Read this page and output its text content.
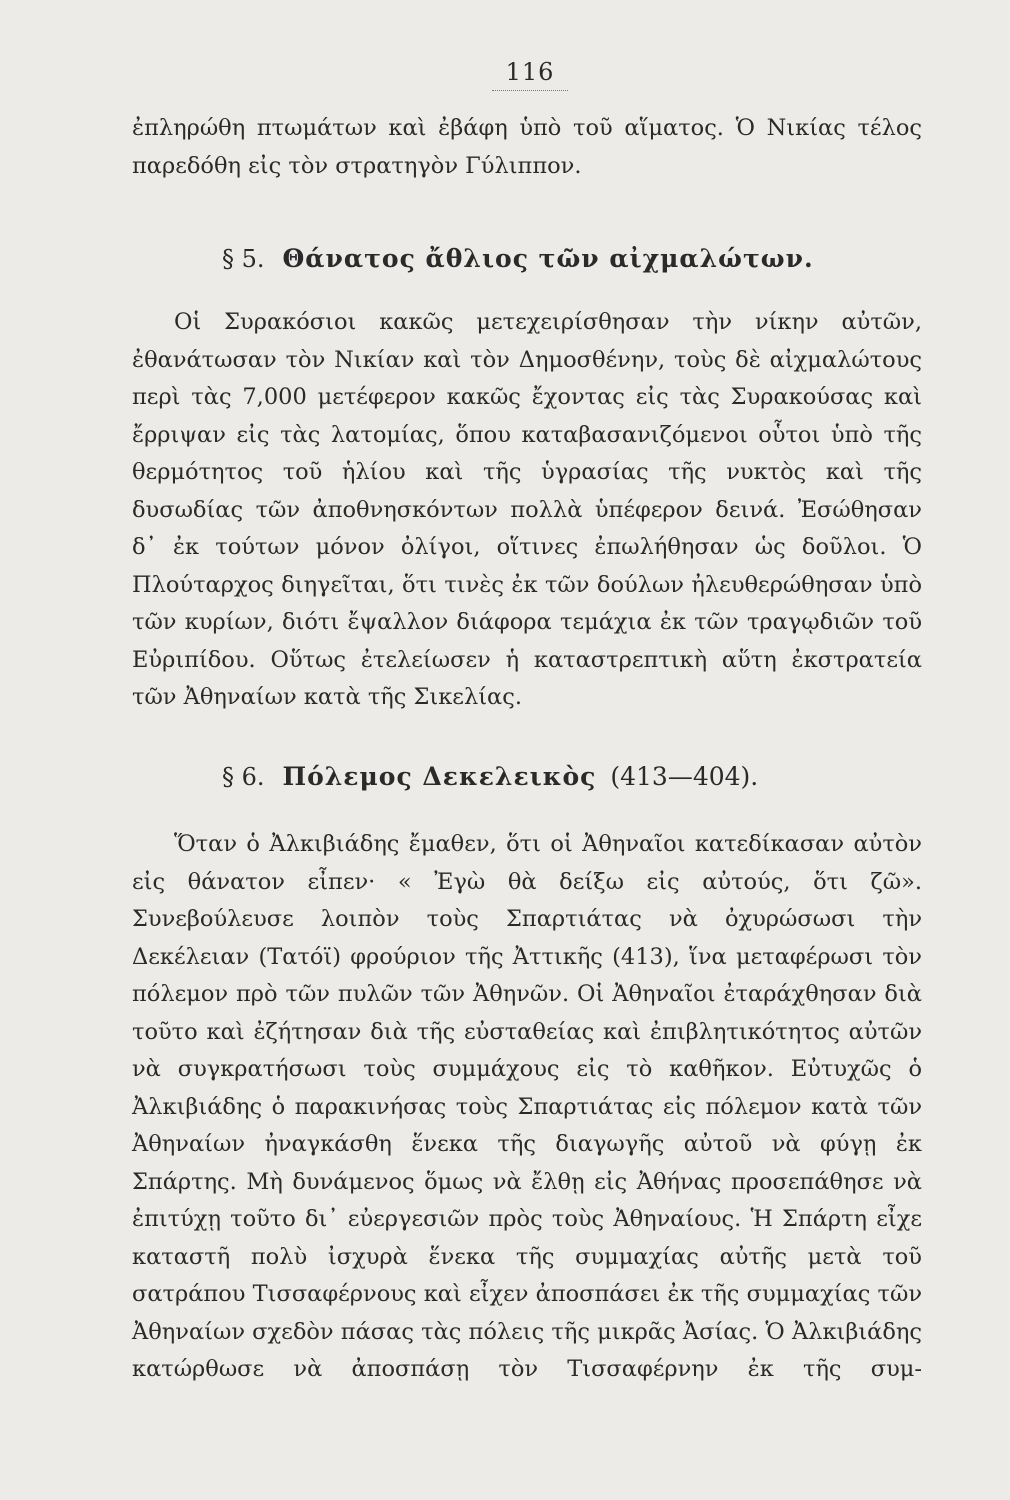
116

ἐπληρώθη πτωμάτων καὶ ἐβάφη ὑπὸ τοῦ αἵματος. Ὁ Νικίας τέλος παρεδόθη εἰς τὸν στρατηγὸν Γύλιππον.

§ 5. Θάνατος ἄθλιος τῶν αἰχμαλώτων.

Οἱ Συρακόσιοι κακῶς μετεχειρίσθησαν τὴν νίκην αὐτῶν, ἐθανάτωσαν τὸν Νικίαν καὶ τὸν Δημοσθένην, τοὺς δὲ αἰχμαλώτους περὶ τὰς 7,000 μετέφερον κακῶς ἔχοντας εἰς τὰς Συρακούσας καὶ ἔρριψαν εἰς τὰς λατομίας, ὅπου καταβασανιζόμενοι οὗτοι ὑπὸ τῆς θερμότητος τοῦ ἡλίου καὶ τῆς ὑγρασίας τῆς νυκτὸς καὶ τῆς δυσωδίας τῶν ἀποθνησκόντων πολλὰ ὑπέφερον δεινά. Ἐσώθησαν δ᾽ ἐκ τούτων μόνον ὀλίγοι, οἵτινες ἐπωλήθησαν ὡς δοῦλοι. Ὁ Πλούταρχος διηγεῖται, ὅτι τινὲς ἐκ τῶν δούλων ἠλευθερώθησαν ὑπὸ τῶν κυρίων, διότι ἔψαλλον διάφορα τεμάχια ἐκ τῶν τραγῳδιῶν τοῦ Εὐριπίδου. Οὕτως ἐτελείωσεν ἡ καταστρεπτικὴ αὕτη ἐκστρατεία τῶν Ἀθηναίων κατὰ τῆς Σικελίας.

§ 6. Πόλεμος Δεκελεικὸς (413—404).

Ὅταν ὁ Ἀλκιβιάδης ἔμαθεν, ὅτι οἱ Ἀθηναῖοι κατεδίκασαν αὐτὸν εἰς θάνατον εἶπεν· « Ἐγὼ θὰ δείξω εἰς αὐτούς, ὅτι ζῶ». Συνεβούλευσε λοιπὸν τοὺς Σπαρτιάτας νὰ ὀχυρώσωσι τὴν Δεκέλειαν (Τατόϊ) φρούριον τῆς Ἀττικῆς (413), ἵνα μεταφέρωσι τὸν πόλεμον πρὸ τῶν πυλῶν τῶν Ἀθηνῶν. Οἱ Ἀθηναῖοι ἐταράχθησαν διὰ τοῦτο καὶ ἐζήτησαν διὰ τῆς εὐσταθείας καὶ ἐπιβλητικότητος αὐτῶν νὰ συγκρατήσωσι τοὺς συμμάχους εἰς τὸ καθῆκον. Εὐτυχῶς ὁ Ἀλκιβιάδης ὁ παρακινήσας τοὺς Σπαρτιάτας εἰς πόλεμον κατὰ τῶν Ἀθηναίων ἠναγκάσθη ἕνεκα τῆς διαγωγῆς αὐτοῦ νὰ φύγῃ ἐκ Σπάρτης. Μὴ δυνάμενος ὅμως νὰ ἔλθῃ εἰς Ἀθήνας προσεπάθησε νὰ ἐπιτύχῃ τοῦτο δι᾽ εὐεργεσιῶν πρὸς τοὺς Ἀθηναίους. Ἡ Σπάρτη εἶχε καταστῆ πολὺ ἰσχυρὰ ἕνεκα τῆς συμμαχίας αὐτῆς μετὰ τοῦ σατράπου Τισσαφέρνους καὶ εἶχεν ἀποσπάσει ἐκ τῆς συμμαχίας τῶν Ἀθηναίων σχεδὸν πάσας τὰς πόλεις τῆς μικρᾶς Ἀσίας. Ὁ Ἀλκιβιάδης κατώρθωσε νὰ ἀποσπάσῃ τὸν Τισσαφέρνην ἐκ τῆς συμ-
